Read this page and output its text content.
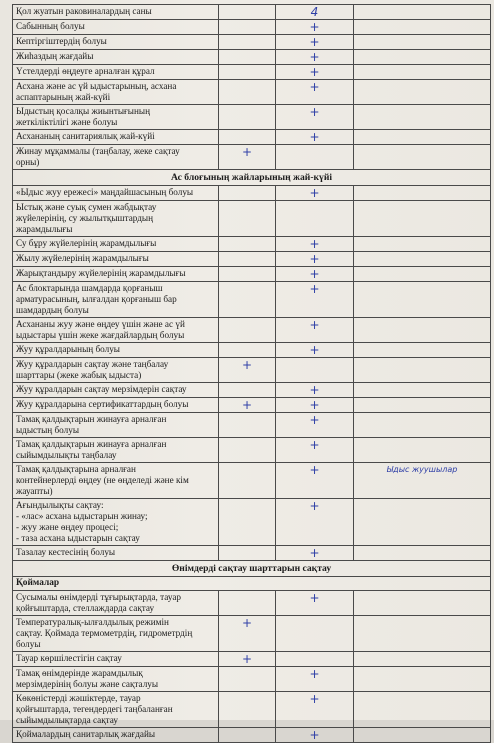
Қол жуатын раковиналардың саны		4	

Сабынның болуы		+	

Кептіргіштердің болуы		+	

Жиһаздың жағдайы		+	

Үстелдерді өңдеуге арналған құрал		+	

Асхана және ас үй ыдыстарының, асхана
аспаптарының жай-күйі		+	

Ыдыстың қосалқы жиынтығының
жеткіліктілігі және болуы		+	

Асхананың санитариялық жай-күйі		+	

Жинау мұқаммалы (таңбалау, жеке сақтау
орны)	+		
Ас блоғының жайларының жай-күйі			

«Ыдыс жуу ережесі» маңдайшасының болуы		+	

Ыстық және суық сумен жабдықтау
жүйелерінің, су жылытқыштардың
жарамдылығы			

Су бұру жүйелерінің жарамдылығы		+	

Жылу жүйелерінің жарамдылығы		+	

Жарықтандыру жүйелерінің жарамдылығы		+	

Ас блоктарында шамдарда қорғаныш
арматурасының, ылғалдан қорғаныш бар
шамдардың болуы		+	

Асхананы жуу және өңдеу үшін және ас үй
ыдыстары үшін жеке жағдайлардың болуы		+	

Жуу құралдарының болуы		+	

Жуу құралдарын сақтау және таңбалау
шарттары (жеке жабық ыдыста)	+		

Жуу құралдарын сақтау мерзімдерін сақтау		+	

Жуу құралдарына сертификаттардың болуы	+	+	

Тамақ қалдықтарын жинауға арналған
ыдыстың болуы		+	

Тамақ қалдықтарын жинауға арналған
сыйымдылықты таңбалау		+	

Тамақ қалдықтарына арналған
контейнерлерді өңдеу (не өңделеді және кім
жауапты)		+	Ыдыс жуушылар

Ағындылықты сақтау:
- «лас» асхана ыдыстарын жинау;
- жуу және өңдеу процесі;
- таза асхана ыдыстарын сақтау		+	

Тазалау кестесінің болуы		+	
Өнімдерді сақтау шарттарын сақтау			
Қоймалар			

Сусымалы өнімдерді тұғырықтарда, тауар
қойғыштарда, стеллаждарда сақтау		+	

Температуралық-ылғалдылық режимін
сақтау. Қоймада термометрдің, гидрометрдің
болуы	+		

Тауар көршілестігін сақтау	+		

Тамақ өнімдерінде жарамдылық
мерзімдерінің болуы және сақталуы		+	

Көкөністерді жәшіктерде, тауар
қойғыштарда, тегендердегі таңбаланған
сыйымдылықтарда сақтау		+	

Қоймалардың санитарлық жағдайы		+	
